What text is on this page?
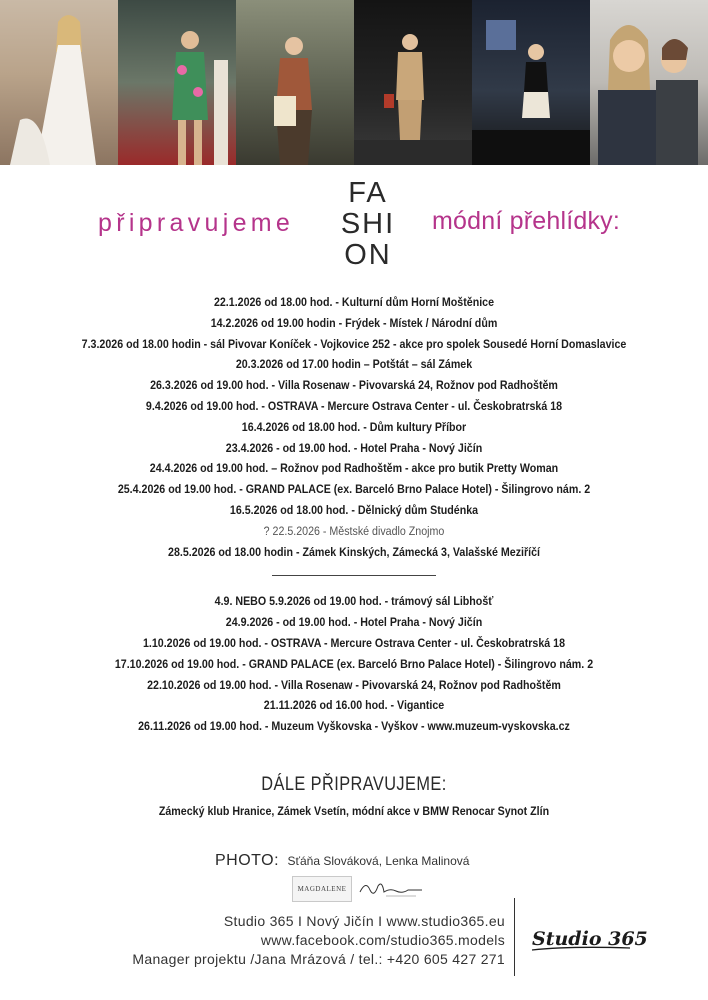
připravujeme
FA
SHI
ON
módní přehlídky:
22.1.2026 od 18.00 hod. - Kulturní dům Horní Moštěnice
14.2.2026 od 19.00 hodin - Frýdek - Místek / Národní dům
7.3.2026 od 18.00 hodin - sál Pivovar Koníček - Vojkovice 252 - akce pro spolek Sousedé Horní Domaslavice
20.3.2026 od 17.00 hodin – Potštát – sál Zámek
26.3.2026 od 19.00 hod. - Villa Rosenaw - Pivovarská 24, Rožnov pod Radhoštěm
9.4.2026 od 19.00 hod. - OSTRAVA - Mercure Ostrava Center - ul. Českobratrská 18
16.4.2026 od 18.00 hod. - Dům kultury Příbor
23.4.2026 - od 19.00 hod. - Hotel Praha - Nový Jičín
24.4.2026 od 19.00 hod. – Rožnov pod Radhoštěm - akce pro butik Pretty Woman
25.4.2026 od 19.00 hod. - GRAND PALACE (ex. Barceló Brno Palace Hotel) - Šilingrovo nám. 2
16.5.2026 od 18.00 hod. - Dělnický dům Studénka
? 22.5.2026 - Městské divadlo Znojmo
28.5.2026 od 18.00 hodin - Zámek Kinských, Zámecká 3, Valašské Meziříčí
4.9. NEBO 5.9.2026 od 19.00 hod. - trámový sál Libhošť
24.9.2026 - od 19.00 hod. - Hotel Praha - Nový Jičín
1.10.2026 od 19.00 hod. - OSTRAVA - Mercure Ostrava Center - ul. Českobratrská 18
17.10.2026 od 19.00 hod. - GRAND PALACE (ex. Barceló Brno Palace Hotel) - Šilingrovo nám. 2
22.10.2026 od 19.00 hod. - Villa Rosenaw - Pivovarská 24, Rožnov pod Radhoštěm
21.11.2026 od 16.00 hod. - Vigantice
26.11.2026 od 19.00 hod. - Muzeum Vyškovska - Vyškov - www.muzeum-vyskovska.cz
DÁLE PŘIPRAVUJEME:
Zámecký klub Hranice, Zámek Vsetín, módní akce v BMW Renocar Synot Zlín
PHOTO: Sťáňa Slováková, Lenka Malinová
MAGDALENE
Studio 365 I Nový Jičín I www.studio365.eu
www.facebook.com/studio365.models
Manager projektu /Jana Mrázová / tel.: +420 605 427 271
Studio 365
